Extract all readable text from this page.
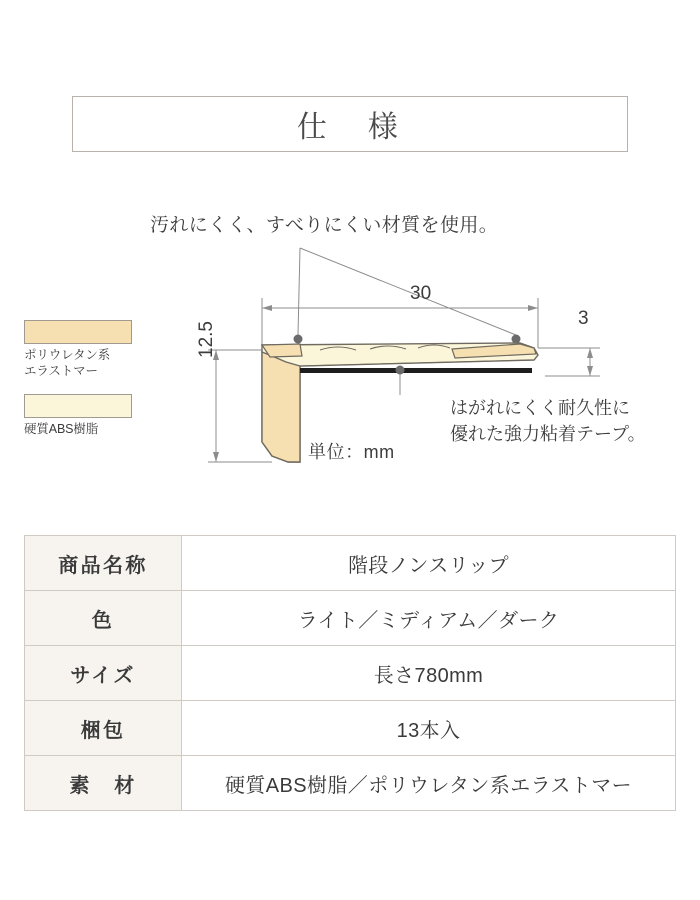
仕　様
ポリウレタン系
エラストマー
硬質ABS樹脂
汚れにくく、すべりにくい材質を使用。
30
3
12.5
単位：mm
はがれにくく耐久性に
優れた強力粘着テープ。
商品名称	階段ノンスリップ
色	ライト／ミディアム／ダーク
サイズ	長さ780mm
梱包	13本入
素　材	硬質ABS樹脂／ポリウレタン系エラストマー
